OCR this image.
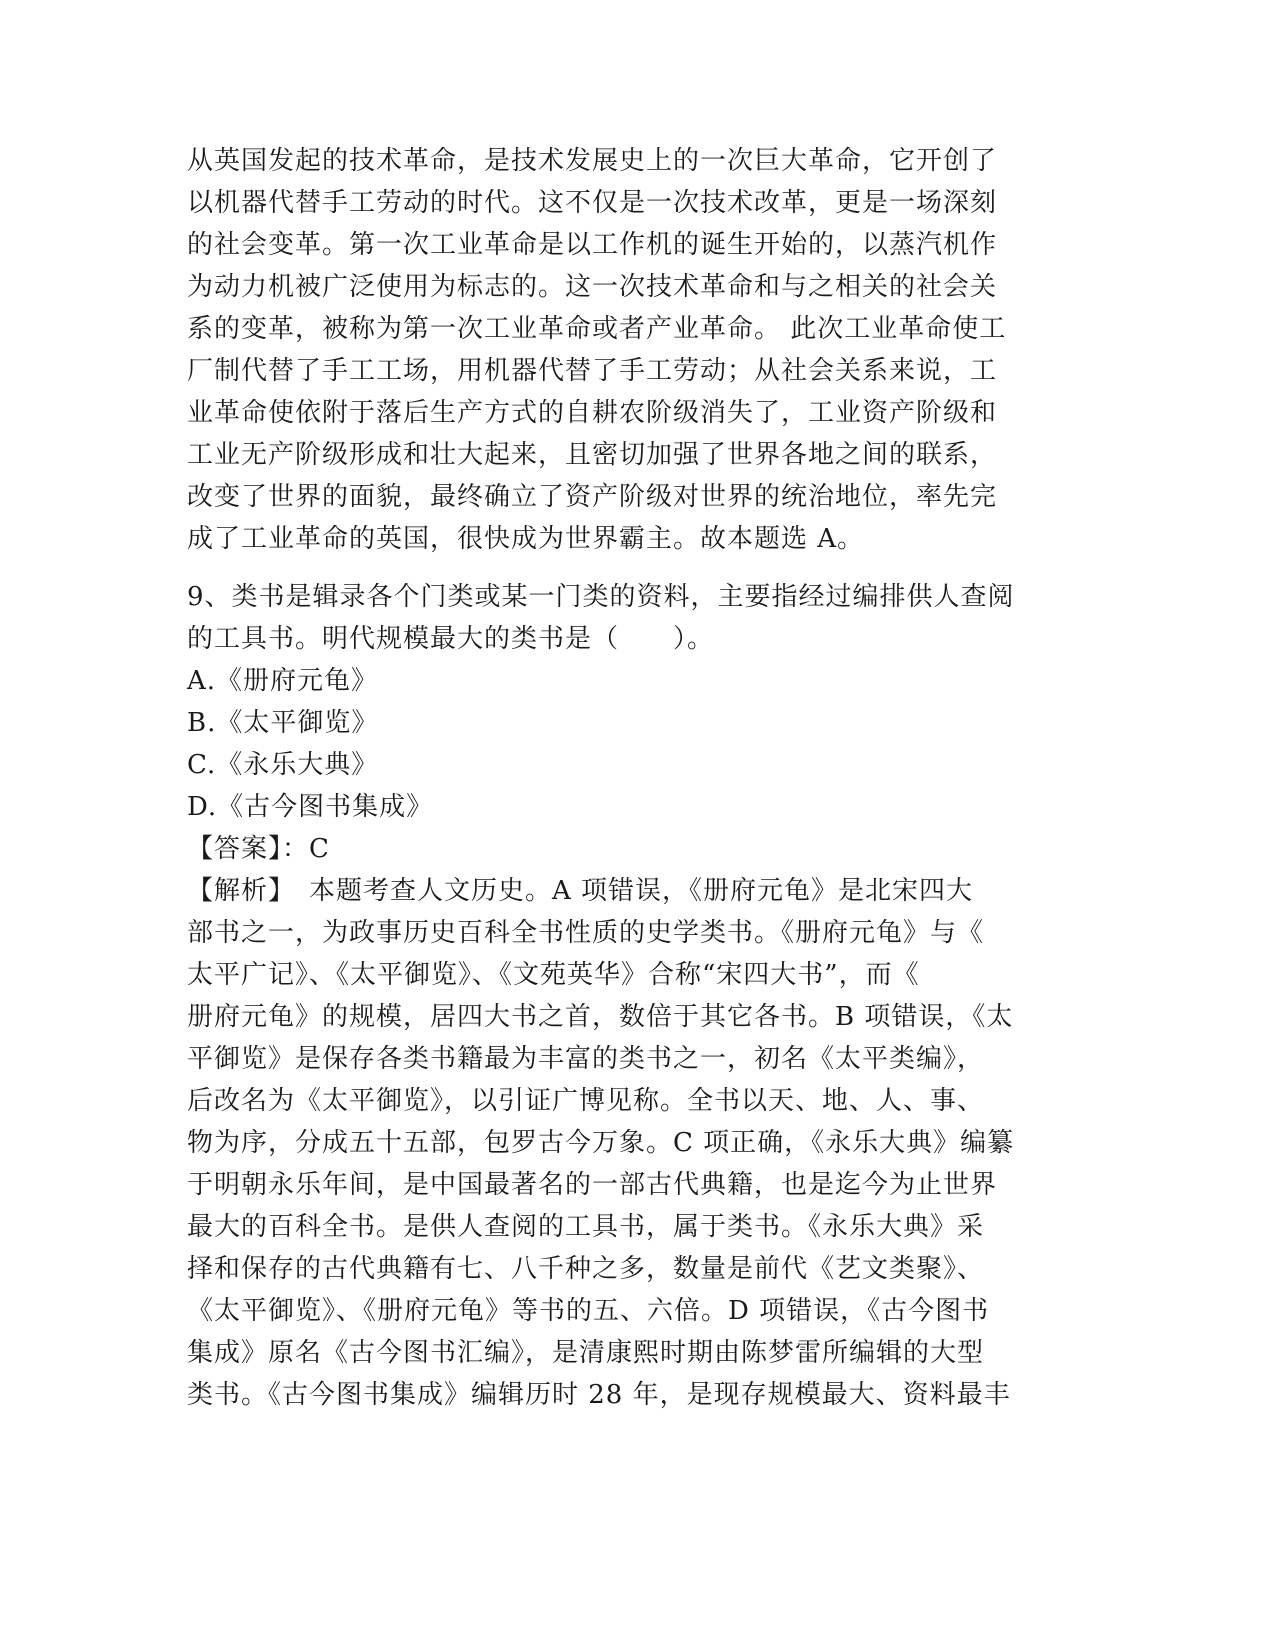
从英国发起的技术革命，是技术发展史上的一次巨大革命，它开创了
以机器代替手工劳动的时代。这不仅是一次技术改革，更是一场深刻
的社会变革。第一次工业革命是以工作机的诞生开始的，以蒸汽机作
为动力机被广泛使用为标志的。这一次技术革命和与之相关的社会关
系的变革，被称为第一次工业革命或者产业革命。 此次工业革命使工
厂制代替了手工工场，用机器代替了手工劳动；从社会关系来说，工
业革命使依附于落后生产方式的自耕农阶级消失了，工业资产阶级和
工业无产阶级形成和壮大起来，且密切加强了世界各地之间的联系，
改变了世界的面貌，最终确立了资产阶级对世界的统治地位，率先完
成了工业革命的英国，很快成为世界霸主。故本题选 A。
9、类书是辑录各个门类或某一门类的资料，主要指经过编排供人查阅
的工具书。明代规模最大的类书是（　　）。
A.《册府元龟》
B.《太平御览》
C.《永乐大典》
D.《古今图书集成》
【答案】：C
【解析】　本题考查人文历史。A 项错误，《册府元龟》是北宋四大
部书之一，为政事历史百科全书性质的史学类书。《册府元龟》与《
太平广记》、《太平御览》、《文苑英华》合称“宋四大书”，而《
册府元龟》的规模，居四大书之首，数倍于其它各书。B 项错误，《太
平御览》是保存各类书籍最为丰富的类书之一，初名《太平类编》，
后改名为《太平御览》，以引证广博见称。全书以天、地、人、事、
物为序，分成五十五部，包罗古今万象。C 项正确，《永乐大典》编纂
于明朝永乐年间，是中国最著名的一部古代典籍，也是迄今为止世界
最大的百科全书。是供人查阅的工具书，属于类书。《永乐大典》采
择和保存的古代典籍有七、八千种之多，数量是前代《艺文类聚》、
《太平御览》、《册府元龟》等书的五、六倍。D 项错误，《古今图书
集成》原名《古今图书汇编》，是清康熙时期由陈梦雷所编辑的大型
类书。《古今图书集成》编辑历时 28 年，是现存规模最大、资料最丰
